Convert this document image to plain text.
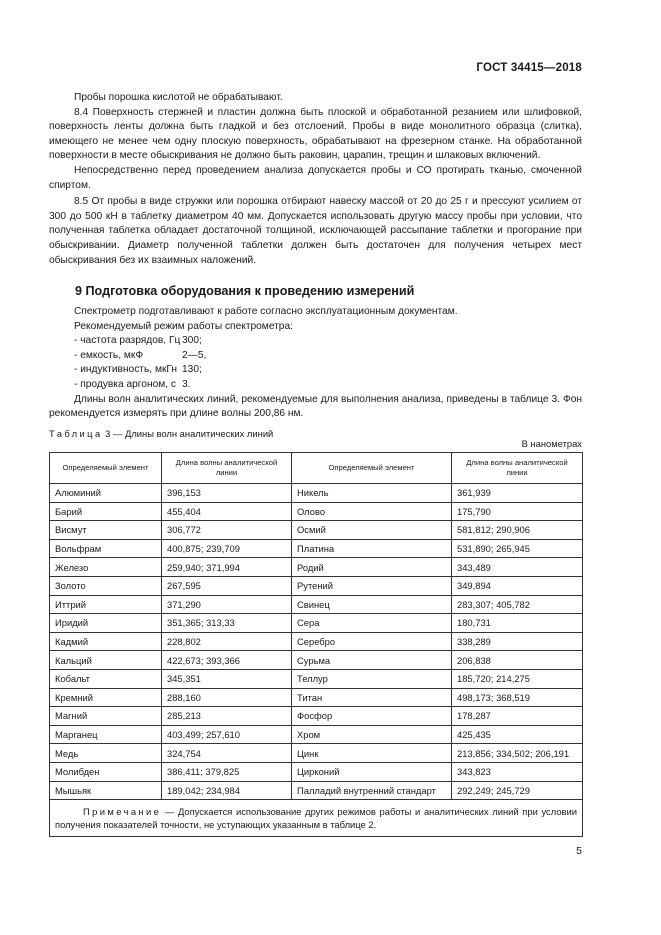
ГОСТ 34415—2018

Пробы порошка кислотой не обрабатывают.

8.4 Поверхность стержней и пластин должна быть плоской и обработанной резанием или шлифовкой, поверхность ленты должна быть гладкой и без отслоений. Пробы в виде монолитного образца (слитка), имеющего не менее чем одну плоскую поверхность, обрабатывают на фрезерном станке. На обработанной поверхности в месте обыскривания не должно быть раковин, царапин, трещин и шлаковых включений.

Непосредственно перед проведением анализа допускается пробы и СО протирать тканью, смоченной спиртом.

8.5 От пробы в виде стружки или порошка отбирают навеску массой от 20 до 25 г и прессуют усилием от 300 до 500 кН в таблетку диаметром 40 мм. Допускается использовать другую массу пробы при условии, что полученная таблетка обладает достаточной толщиной, исключающей рассыпание таблетки и прогорание при обыскривании. Диаметр полученной таблетки должен быть достаточен для получения четырех мест обыскривания без их взаимных наложений.

9 Подготовка оборудования к проведению измерений

Спектрометр подготавливают к работе согласно эксплуатационным документам.

Рекомендуемый режим работы спектрометра:

- частота разрядов, Гц 300;
- емкость, мкФ	2—5,
- индуктивность, мкГн 130;
- продувка аргоном, с 3.

Длины волн аналитических линий, рекомендуемые для выполнения анализа, приведены в таблице 3. Фон рекомендуется измерять при длине волны 200,86 нм.

Таблица 3 — Длины волн аналитических линий
В нанометрах
Определяемый элемент	Длина волны аналитической линии	Определяемый элемент	Длина волны аналитической линии
Алюминий	396,153	Никель	361,939
Барий	455,404	Олово	175,790
Висмут	306,772	Осмий	581,812; 290,906
Вольфрам	400,875; 239,709	Платина	531,890; 265,945
Железо	259,940; 371,994	Родий	343,489
Золото	267,595	Рутений	349,894
Иттрий	371,290	Свинец	283,307; 405,782
Иридий	351,365; 313,33	Сера	180,731
Кадмий	228,802	Серебро	338,289
Кальций	422,673; 393,366	Сурьма	206,838
Кобальт	345,351	Теллур	185,720; 214,275
Кремний	288,160	Титан	498,173; 368,519
Магний	285,213	Фосфор	178,287
Марганец	403,499; 257,610	Хром	425,435
Медь	324,754	Цинк	213,856; 334,502; 206,191
Молибден	386,411; 379,825	Цирконий	343,823
Мышьяк	189,042; 234,984	Палладий внутренний стандарт	292,249; 245,729
Примечание — Допускается использование других режимов работы и аналитических линий при условии получения показателей точности, не уступающих указанным в таблице 2.			
5
